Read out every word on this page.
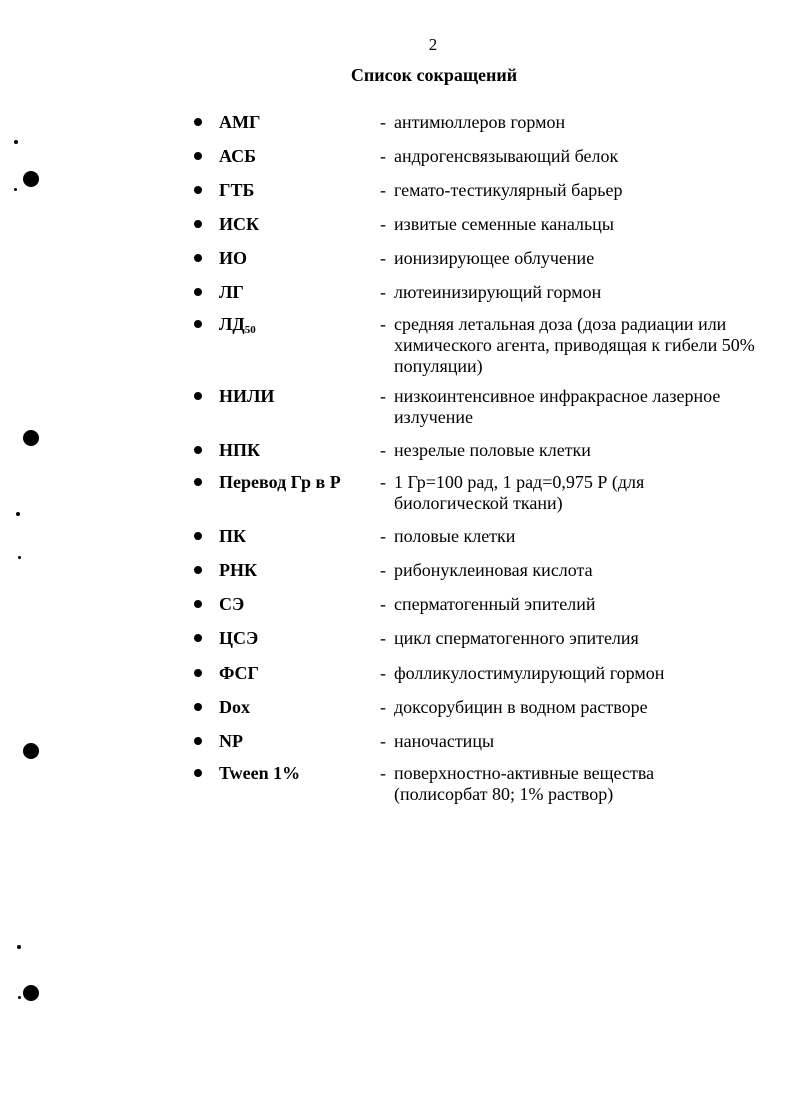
2
Список сокращений
АМГ	- антимюллеров гормон
АСБ	- андрогенсвязывающий белок
ГТБ	- гемато-тестикулярный барьер
ИСК	- извитые семенные канальцы
ИО	- ионизирующее облучение
ЛГ	- лютеинизирующий гормон
$ЛД_{50}$	- средняя летальная доза (доза радиации или химического агента, приводящая к гибели 50% популяции)
НИЛИ	- низкоинтенсивное инфракрасное лазерное излучение
НПК	- незрелые половые клетки
Перевод Гр в Р - 1 Гр=100 рад, 1 рад=0,975 Р (для биологической ткани)
ПК	- половые клетки
РНК	- рибонуклеиновая кислота
СЭ	- сперматогенный эпителий
ЦСЭ	- цикл сперматогенного эпителия
ФСГ	- фолликулостимулирующий гормон
Dox	- доксорубицин в водном растворе
NP	- наночастицы
Tween 1%	- поверхностно-активные вещества (полисорбат 80; 1% раствор)
